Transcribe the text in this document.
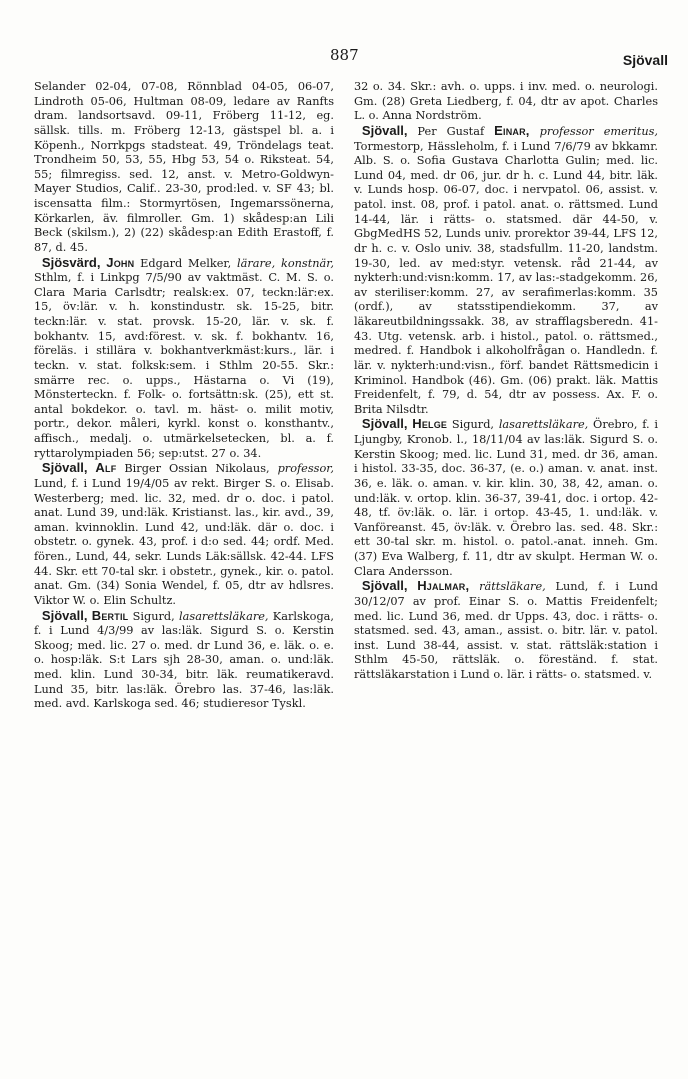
887	Sjövall

Selander 02-04, 07-08, Rönnblad 04-05, 06-07, Lindroth 05-06, Hultman 08-09, ledare av Ranfts dram. landsortsavd. 09-11, Fröberg 11-12, eg. sällsk. tills. m. Fröberg 12-13, gästspel bl. a. i Köpenh., Norrkpgs stadsteat. 49, Tröndelags teat. Trondheim 50, 53, 55, Hbg 53, 54 o. Riksteat. 54, 55; filmregiss. sed. 12, anst. v. Metro-Goldwyn-Mayer Studios, Calif.. 23-30, prod:led. v. SF 43; bl. iscensatta film.: Stormyrtösen, Ingemarssönerna, Körkarlen, äv. filmroller. Gm. 1) skådesp:an Lili Beck (skilsm.), 2) (22) skådesp:an Edith Erastoff, f. 87, d. 45.

Sjösvärd, John Edgard Melker, lärare, konstnär, Sthlm, f. i Linkpg 7/5/90 av vaktmäst. C. M. S. o. Clara Maria Carlsdtr; realsk:ex. 07, teckn:lär:ex. 15, öv:lär. v. h. konstindustr. sk. 15-25, bitr. teckn:lär. v. stat. provsk. 15-20, lär. v. sk. f. bokhantv. 15, avd:förest. v. sk. f. bokhantv. 16, föreläs. i stillära v. bokhantverkmäst:kurs., lär. i teckn. v. stat. folksk:sem. i Sthlm 20-55. Skr.: smärre rec. o. upps., Hästarna o. Vi (19), Mönsterteckn. f. Folk- o. fortsättn:sk. (25), ett st. antal bokdekor. o. tavl. m. häst- o. milit motiv, portr., dekor. måleri, kyrkl. konst o. konsthantv., affisch., medalj. o. utmärkelsetecken, bl. a. f. ryttarolympiaden 56; sep:utst. 27 o. 34.

Sjövall, Alf Birger Ossian Nikolaus, professor, Lund, f. i Lund 19/4/05 av rekt. Birger S. o. Elisab. Westerberg; med. lic. 32, med. dr o. doc. i patol. anat. Lund 39, und:läk. Kristianst. las., kir. avd., 39, aman. kvinnoklin. Lund 42, und:läk. där o. doc. i obstetr. o. gynek. 43, prof. i d:o sed. 44; ordf. Med. fören., Lund, 44, sekr. Lunds Läk:sällsk. 42-44. LFS 44. Skr. ett 70-tal skr. i obstetr., gynek., kir. o. patol. anat. Gm. (34) Sonia Wendel, f. 05, dtr av hdlsres. Viktor W. o. Elin Schultz.

Sjövall, Bertil Sigurd, lasarettsläkare, Karlskoga, f. i Lund 4/3/99 av las:läk. Sigurd S. o. Kerstin Skoog; med. lic. 27 o. med. dr Lund 36, e. läk. o. e. o. hosp:läk. S:t Lars sjh 28-30, aman. o. und:läk. med. klin. Lund 30-34, bitr. läk. reumatikeravd. Lund 35, bitr. las:läk. Örebro las. 37-46, las:läk. med. avd. Karlskoga sed. 46; studieresor Tyskl.

32 o. 34. Skr.: avh. o. upps. i inv. med. o. neurologi. Gm. (28) Greta Liedberg, f. 04, dtr av apot. Charles L. o. Anna Nordström.

Sjövall, Per Gustaf Einar, professor emeritus, Tormestorp, Hässleholm, f. i Lund 7/6/79 av bkkamr. Alb. S. o. Sofia Gustava Charlotta Gulin; med. lic. Lund 04, med. dr 06, jur. dr h. c. Lund 44, bitr. läk. v. Lunds hosp. 06-07, doc. i nervpatol. 06, assist. v. patol. inst. 08, prof. i patol. anat. o. rättsmed. Lund 14-44, lär. i rätts- o. statsmed. där 44-50, v. GbgMedHS 52, Lunds univ. prorektor 39-44, LFS 12, dr h. c. v. Oslo univ. 38, stadsfullm. 11-20, landstm. 19-30, led. av med:styr. vetensk. råd 21-44, av nykterh:und:visn:komm. 17, av las:-stadgekomm. 26, av steriliser:komm. 27, av serafimerlas:komm. 35 (ordf.), av statsstipendiekomm. 37, av läkareutbildningssakk. 38, av strafflagsberedn. 41-43. Utg. vetensk. arb. i histol., patol. o. rättsmed., medred. f. Handbok i alkoholfrågan o. Handledn. f. lär. v. nykterh:und:visn., förf. bandet Rättsmedicin i Kriminol. Handbok (46). Gm. (06) prakt. läk. Mattis Freidenfelt, f. 79, d. 54, dtr av possess. Ax. F. o. Brita Nilsdtr.

Sjövall, Helge Sigurd, lasarettsläkare, Örebro, f. i Ljungby, Kronob. l., 18/11/04 av las:läk. Sigurd S. o. Kerstin Skoog; med. lic. Lund 31, med. dr 36, aman. i histol. 33-35, doc. 36-37, (e. o.) aman. v. anat. inst. 36, e. läk. o. aman. v. kir. klin. 30, 38, 42, aman. o. und:läk. v. ortop. klin. 36-37, 39-41, doc. i ortop. 42-48, tf. öv:läk. o. lär. i ortop. 43-45, 1. und:läk. v. Vanföreanst. 45, öv:läk. v. Örebro las. sed. 48. Skr.: ett 30-tal skr. m. histol. o. patol.-anat. inneh. Gm. (37) Eva Walberg, f. 11, dtr av skulpt. Herman W. o. Clara Andersson.

Sjövall, Hjalmar, rättsläkare, Lund, f. i Lund 30/12/07 av prof. Einar S. o. Mattis Freidenfelt; med. lic. Lund 36, med. dr Upps. 43, doc. i rätts- o. statsmed. sed. 43, aman., assist. o. bitr. lär. v. patol. inst. Lund 38-44, assist. v. stat. rättsläk:station i Sthlm 45-50, rättsläk. o. föreständ. f. stat. rättsläkarstation i Lund o. lär. i rätts- o. statsmed. v.
